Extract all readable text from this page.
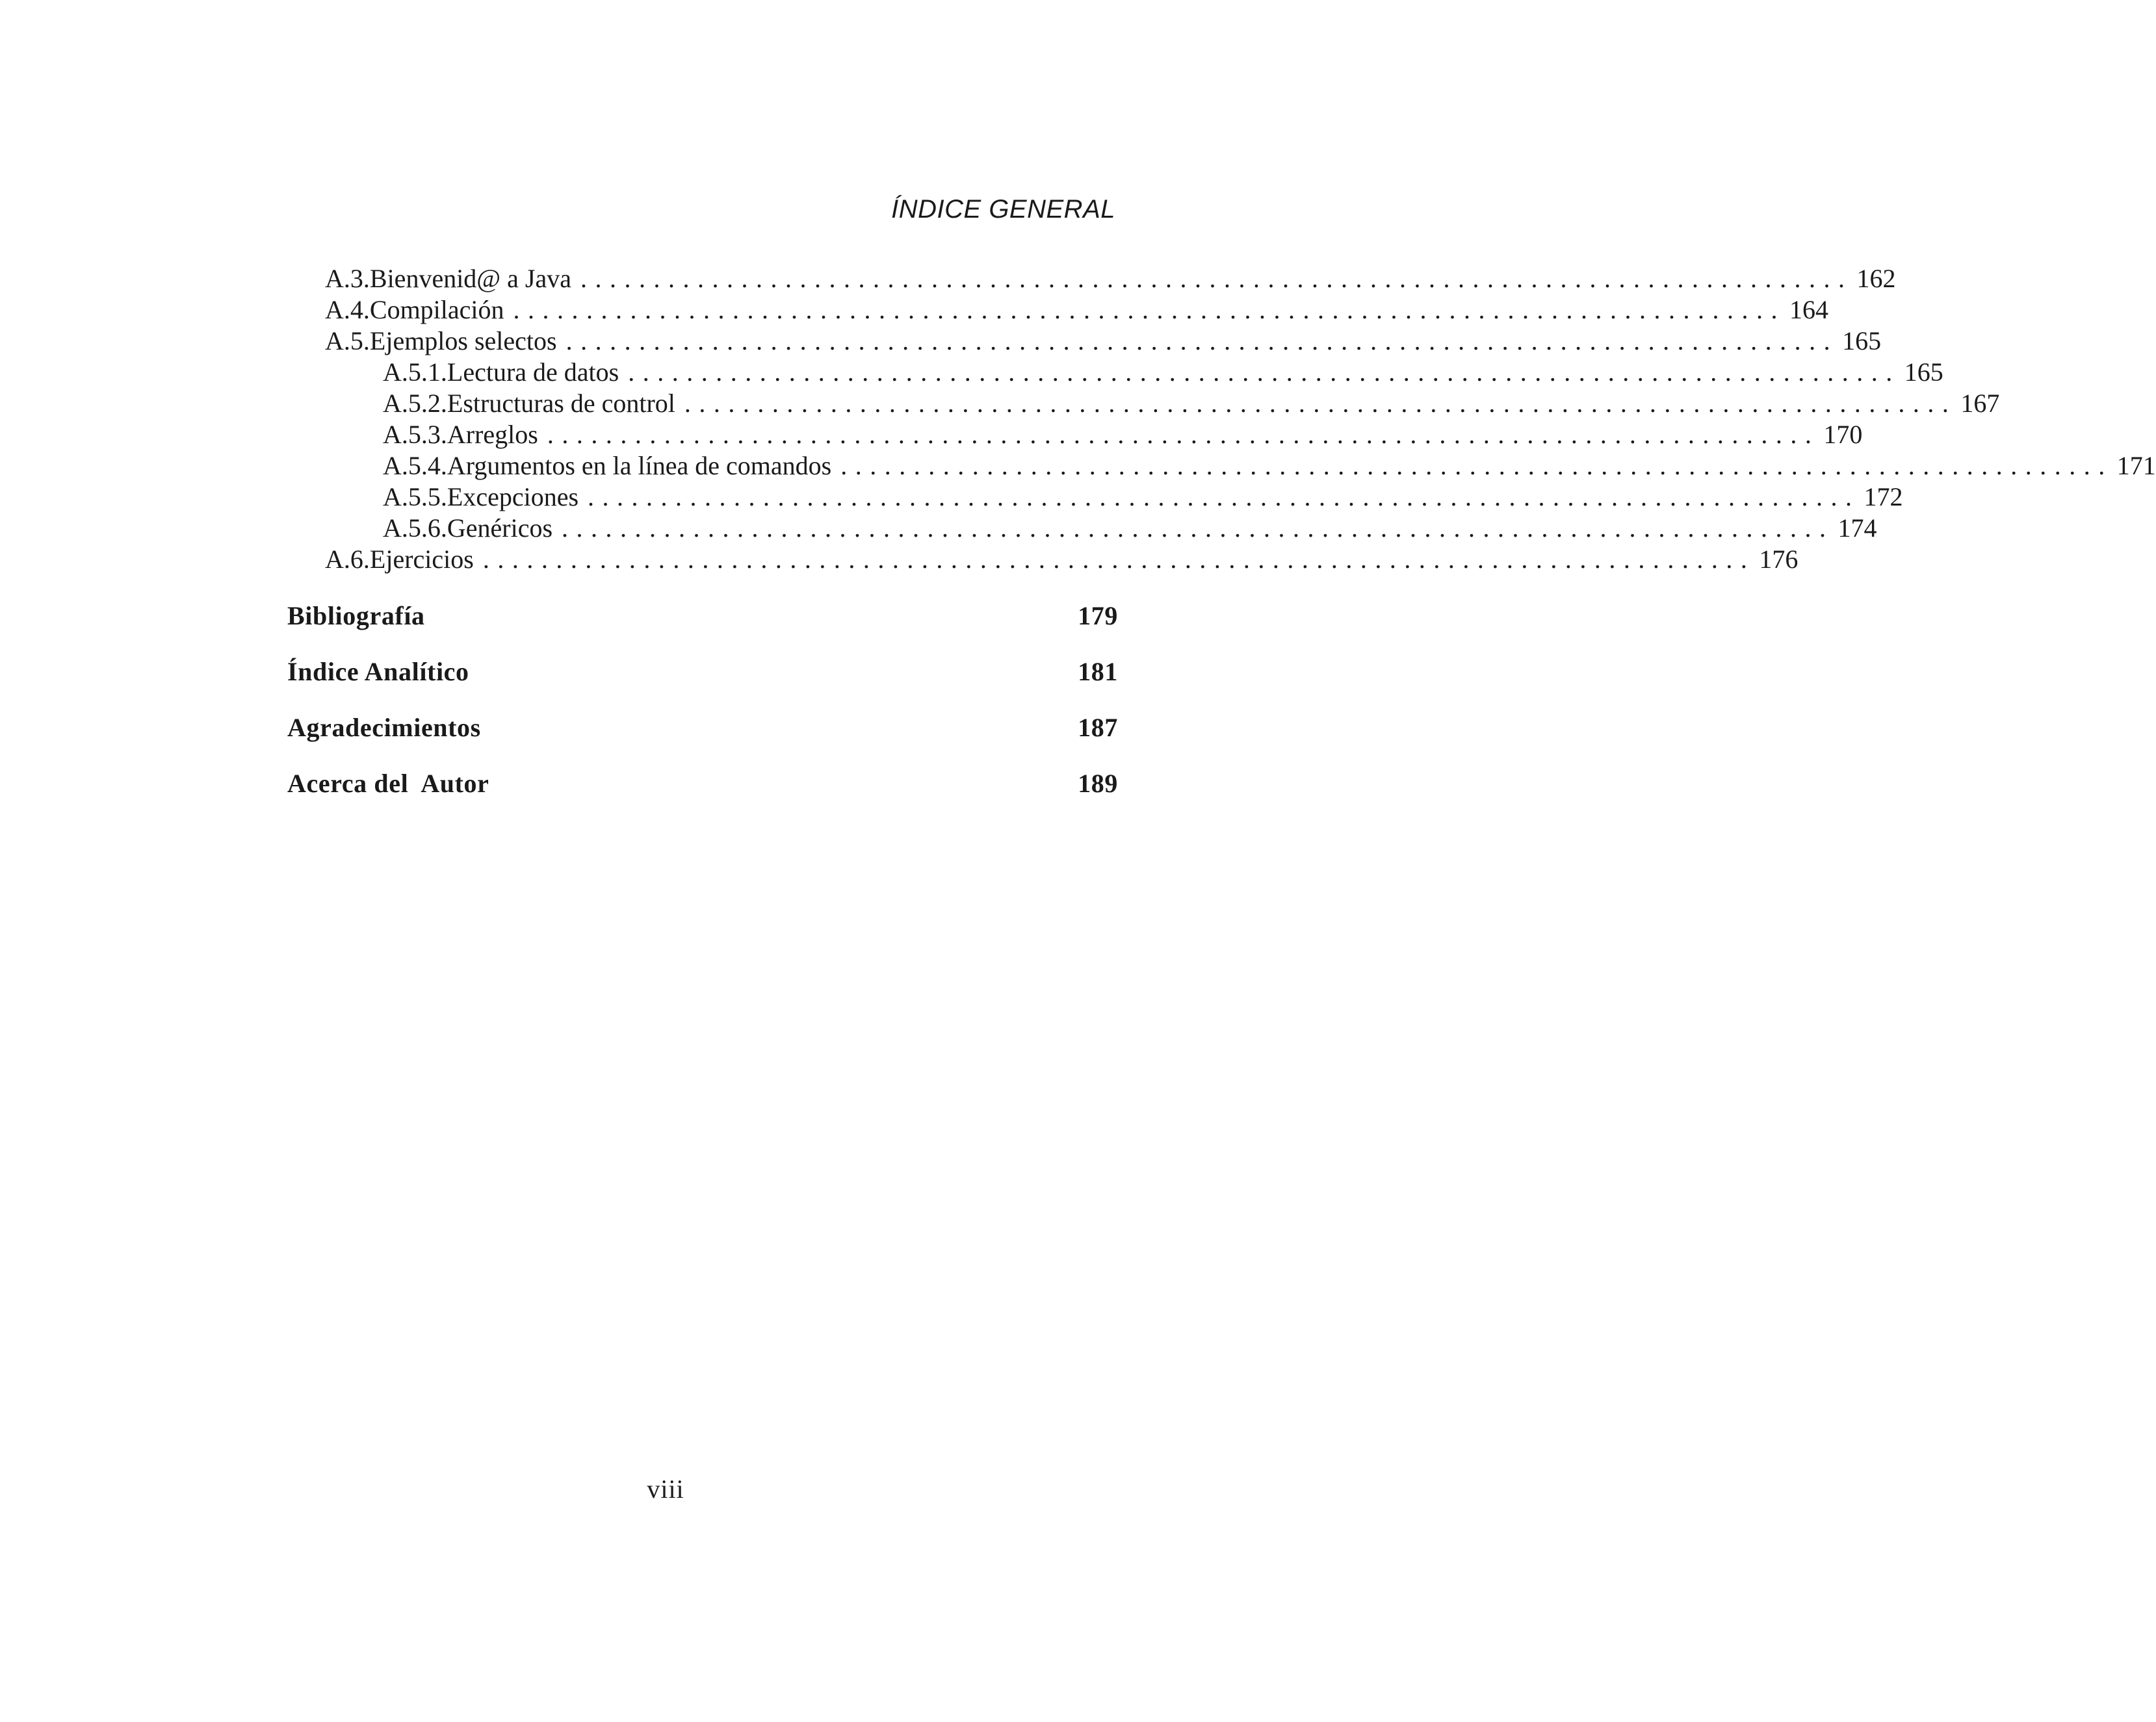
ÍNDICE GENERAL
A.3. Bienvenid@ a Java ....................................................................................... 162
A.4. Compilación ....................................................................................... 164
A.5. Ejemplos selectos ....................................................................................... 165
A.5.1. Lectura de datos ....................................................................................... 165
A.5.2. Estructuras de control ....................................................................................... 167
A.5.3. Arreglos ....................................................................................... 170
A.5.4. Argumentos en la línea de comandos ....................................................................................... 171
A.5.5. Excepciones ....................................................................................... 172
A.5.6. Genéricos ....................................................................................... 174
A.6. Ejercicios ....................................................................................... 176
Bibliografía	179
Índice Analítico	181
Agradecimientos	187
Acerca del  Autor	189
viii
